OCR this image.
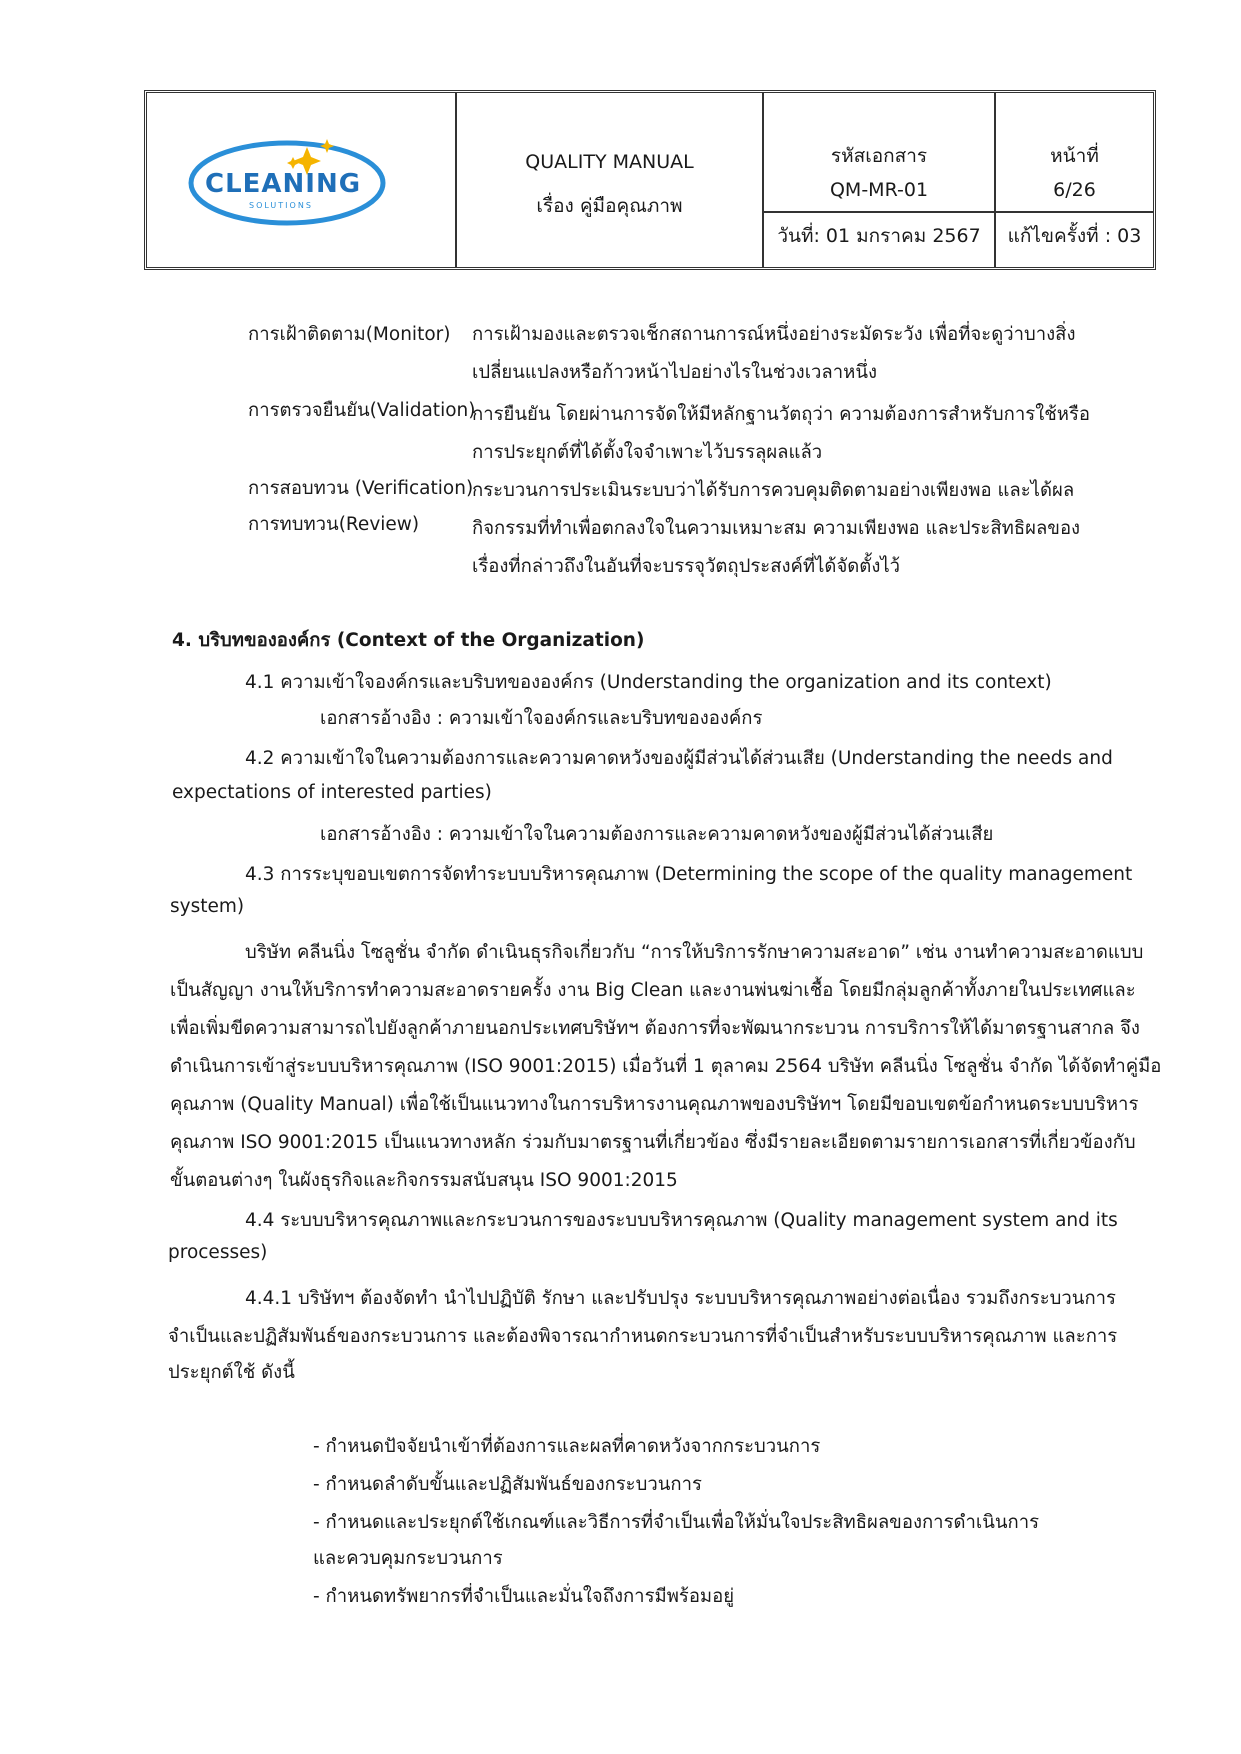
CLEANING
SOLUTIONS
QUALITY MANUAL
เรื่อง คู่มือคุณภาพ
รหัสเอกสาร
QM-MR-01
วันที่: 01 มกราคม 2567
หน้าที่
6/26
แก้ไขครั้งที่ : 03
การเฝ้าติดตาม(Monitor) การเฝ้ามองและตรวจเช็กสถานการณ์หนึ่งอย่างระมัดระวัง เพื่อที่จะดูว่าบางสิ่ง
เปลี่ยนแปลงหรือก้าวหน้าไปอย่างไรในช่วงเวลาหนึ่ง
การตรวจยืนยัน(Validation)
การยืนยัน โดยผ่านการจัดให้มีหลักฐานวัตถุว่า ความต้องการสำหรับการใช้หรือ
การประยุกต์ที่ได้ตั้งใจจำเพาะไว้บรรลุผลแล้ว
การสอบทวน (Verification)
กระบวนการประเมินระบบว่าได้รับการควบคุมติดตามอย่างเพียงพอ และได้ผล
การทบทวน(Review)	กิจกรรมที่ทำเพื่อตกลงใจในความเหมาะสม ความเพียงพอ และประสิทธิผลของ
เรื่องที่กล่าวถึงในอันที่จะบรรจุวัตถุประสงค์ที่ได้จัดตั้งไว้
4. บริบทขององค์กร (Context of the Organization)
4.1 ความเข้าใจองค์กรและบริบทขององค์กร (Understanding the organization and its context)
เอกสารอ้างอิง : ความเข้าใจองค์กรและบริบทขององค์กร
4.2 ความเข้าใจในความต้องการและความคาดหวังของผู้มีส่วนได้ส่วนเสีย (Understanding the needs and
expectations of interested parties)
เอกสารอ้างอิง : ความเข้าใจในความต้องการและความคาดหวังของผู้มีส่วนได้ส่วนเสีย
4.3 การระบุขอบเขตการจัดทำระบบบริหารคุณภาพ (Determining the scope of the quality management
system)
บริษัท คลีนนิ่ง โซลูชั่น จำกัด ดำเนินธุรกิจเกี่ยวกับ “การให้บริการรักษาความสะอาด” เช่น งานทำความสะอาดแบบ
เป็นสัญญา งานให้บริการทำความสะอาดรายครั้ง งาน Big Clean และงานพ่นฆ่าเชื้อ โดยมีกลุ่มลูกค้าทั้งภายในประเทศและ
เพื่อเพิ่มขีดความสามารถไปยังลูกค้าภายนอกประเทศบริษัทฯ ต้องการที่จะพัฒนากระบวน การบริการให้ได้มาตรฐานสากล จึง
ดำเนินการเข้าสู่ระบบบริหารคุณภาพ (ISO 9001:2015) เมื่อวันที่ 1 ตุลาคม 2564 บริษัท คลีนนิ่ง โซลูชั่น จำกัด ได้จัดทำคู่มือ
คุณภาพ (Quality Manual) เพื่อใช้เป็นแนวทางในการบริหารงานคุณภาพของบริษัทฯ โดยมีขอบเขตข้อกำหนดระบบบริหาร
คุณภาพ ISO 9001:2015 เป็นแนวทางหลัก ร่วมกับมาตรฐานที่เกี่ยวข้อง ซึ่งมีรายละเอียดตามรายการเอกสารที่เกี่ยวข้องกับ
ขั้นตอนต่างๆ ในผังธุรกิจและกิจกรรมสนับสนุน ISO 9001:2015
4.4 ระบบบริหารคุณภาพและกระบวนการของระบบบริหารคุณภาพ (Quality management system and its
processes)
4.4.1 บริษัทฯ ต้องจัดทำ นำไปปฏิบัติ รักษา และปรับปรุง ระบบบริหารคุณภาพอย่างต่อเนื่อง รวมถึงกระบวนการ
จำเป็นและปฏิสัมพันธ์ของกระบวนการ และต้องพิจารณากำหนดกระบวนการที่จำเป็นสำหรับระบบบริหารคุณภาพ และการ
ประยุกต์ใช้ ดังนี้
- กำหนดปัจจัยนำเข้าที่ต้องการและผลที่คาดหวังจากกระบวนการ
- กำหนดลำดับขั้นและปฏิสัมพันธ์ของกระบวนการ
- กำหนดและประยุกต์ใช้เกณฑ์และวิธีการที่จำเป็นเพื่อให้มั่นใจประสิทธิผลของการดำเนินการ
และควบคุมกระบวนการ
- กำหนดทรัพยากรที่จำเป็นและมั่นใจถึงการมีพร้อมอยู่
